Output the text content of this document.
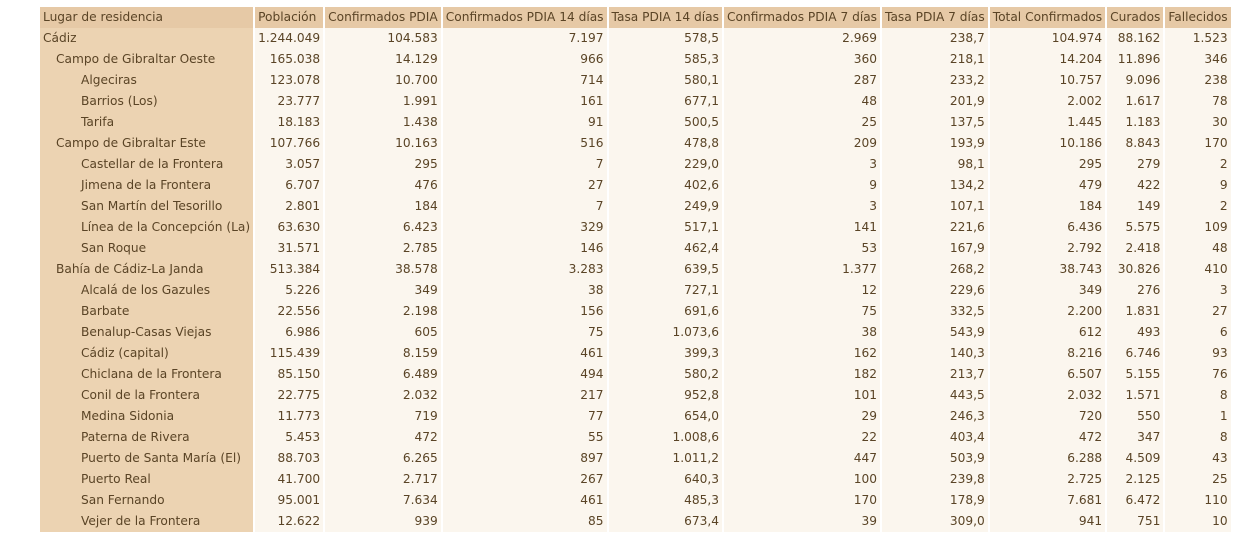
Lugar de residencia	Población	Confirmados PDIA	Confirmados PDIA 14 días	Tasa PDIA 14 días	Confirmados PDIA 7 días	Tasa PDIA 7 días	Total Confirmados	Curados	Fallecidos
Cádiz	1.244.049	104.583	7.197	578,5	2.969	238,7	104.974	88.162	1.523
Campo de Gibraltar Oeste	165.038	14.129	966	585,3	360	218,1	14.204	11.896	346
Algeciras	123.078	10.700	714	580,1	287	233,2	10.757	9.096	238
Barrios (Los)	23.777	1.991	161	677,1	48	201,9	2.002	1.617	78
Tarifa	18.183	1.438	91	500,5	25	137,5	1.445	1.183	30
Campo de Gibraltar Este	107.766	10.163	516	478,8	209	193,9	10.186	8.843	170
Castellar de la Frontera	3.057	295	7	229,0	3	98,1	295	279	2
Jimena de la Frontera	6.707	476	27	402,6	9	134,2	479	422	9
San Martín del Tesorillo	2.801	184	7	249,9	3	107,1	184	149	2
Línea de la Concepción (La)	63.630	6.423	329	517,1	141	221,6	6.436	5.575	109
San Roque	31.571	2.785	146	462,4	53	167,9	2.792	2.418	48
Bahía de Cádiz-La Janda	513.384	38.578	3.283	639,5	1.377	268,2	38.743	30.826	410
Alcalá de los Gazules	5.226	349	38	727,1	12	229,6	349	276	3
Barbate	22.556	2.198	156	691,6	75	332,5	2.200	1.831	27
Benalup-Casas Viejas	6.986	605	75	1.073,6	38	543,9	612	493	6
Cádiz (capital)	115.439	8.159	461	399,3	162	140,3	8.216	6.746	93
Chiclana de la Frontera	85.150	6.489	494	580,2	182	213,7	6.507	5.155	76
Conil de la Frontera	22.775	2.032	217	952,8	101	443,5	2.032	1.571	8
Medina Sidonia	11.773	719	77	654,0	29	246,3	720	550	1
Paterna de Rivera	5.453	472	55	1.008,6	22	403,4	472	347	8
Puerto de Santa María (El)	88.703	6.265	897	1.011,2	447	503,9	6.288	4.509	43
Puerto Real	41.700	2.717	267	640,3	100	239,8	2.725	2.125	25
San Fernando	95.001	7.634	461	485,3	170	178,9	7.681	6.472	110
Vejer de la Frontera	12.622	939	85	673,4	39	309,0	941	751	10
